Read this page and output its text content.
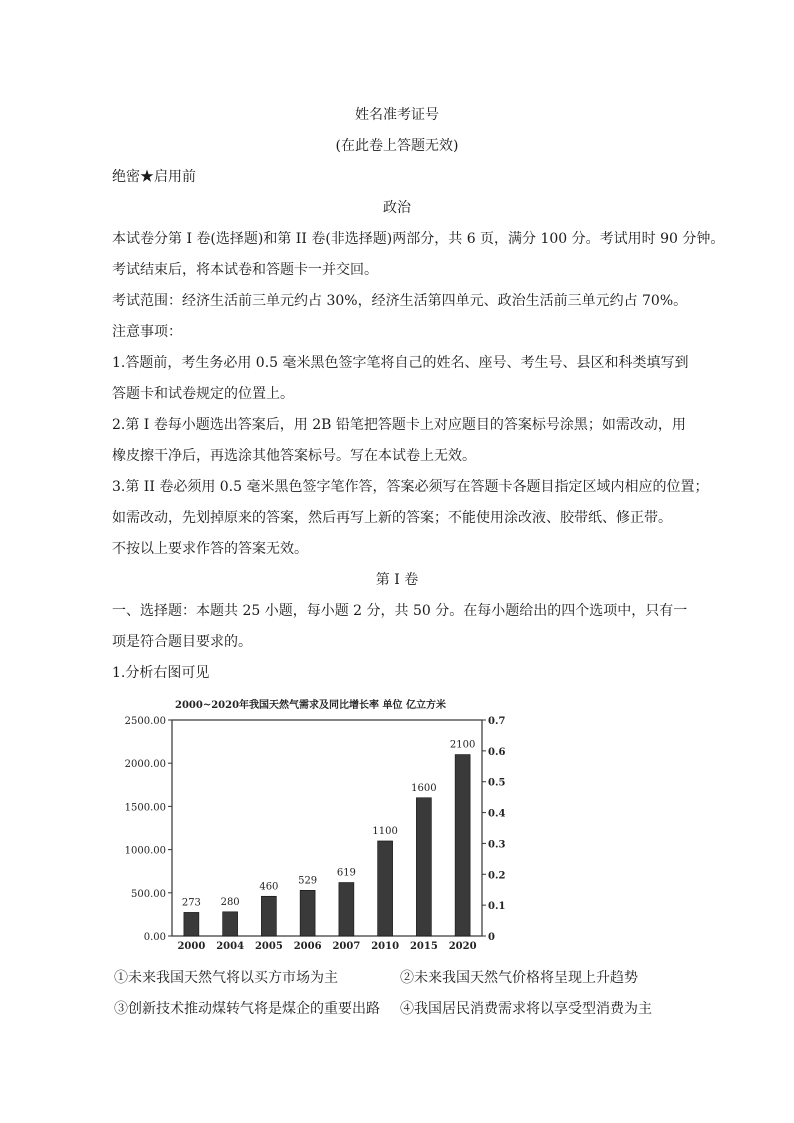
姓名准考证号
(在此卷上答题无效)
绝密★启用前
政治
本试卷分第 I 卷(选择题)和第 II 卷(非选择题)两部分，共 6 页，满分 100 分。考试用时 90 分钟。
考试结束后，将本试卷和答题卡一并交回。
考试范围：经济生活前三单元约占 30%，经济生活第四单元、政治生活前三单元约占 70%。
注意事项：
1.答题前，考生务必用 0.5 毫米黑色签字笔将自己的姓名、座号、考生号、县区和科类填写到
答题卡和试卷规定的位置上。
2.第 I 卷每小题选出答案后，用 2B 铅笔把答题卡上对应题目的答案标号涂黑；如需改动，用
橡皮擦干净后，再选涂其他答案标号。写在本试卷上无效。
3.第 II 卷必须用 0.5 毫米黑色签字笔作答，答案必须写在答题卡各题目指定区域内相应的位置；
如需改动，先划掉原来的答案，然后再写上新的答案；不能使用涂改液、胶带纸、修正带。
不按以上要求作答的答案无效。
第 I 卷
一、选择题：本题共 25 小题，每小题 2 分，共 50 分。在每小题给出的四个选项中，只有一
项是符合题目要求的。
1.分析右图可见
2000~2020年我国天然气需求及同比增长率 单位 亿立方米
0.00
500.00
1000.00
1500.00
2000.00
2500.00
0
0.1
0.2
0.3
0.4
0.5
0.6
0.7
273
2000
280
2004
460
2005
529
2006
619
2007
1100
2010
1600
2015
2100
2020
①未来我国天然气将以买方市场为主	②未来我国天然气价格将呈现上升趋势
③创新技术推动煤转气将是煤企的重要出路 ④我国居民消费需求将以享受型消费为主
